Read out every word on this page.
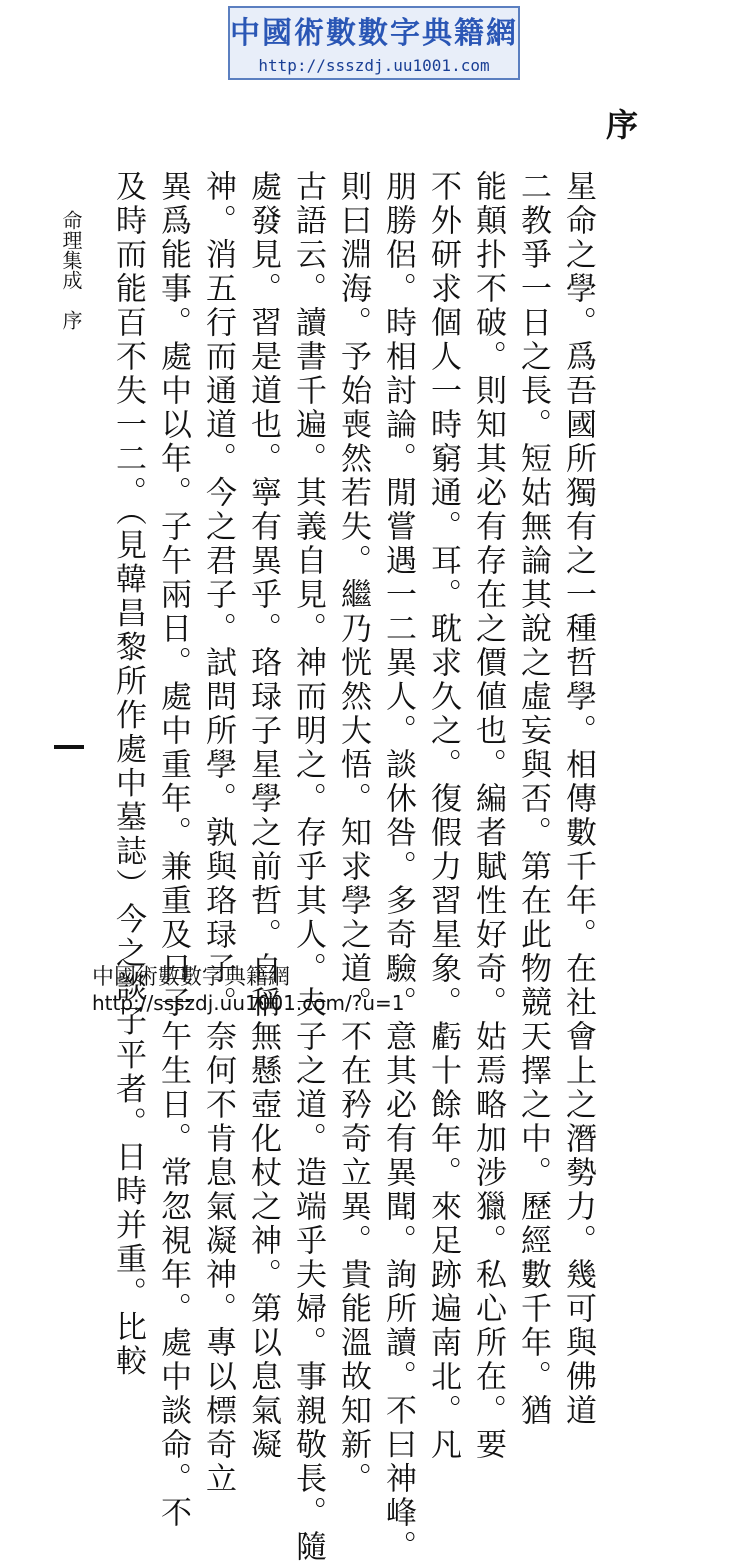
中國術數數字典籍網
http://ssszdj.uu1001.com
序
星命之學。爲吾國所獨有之一種哲學。相傳數千年。在社會上之潛勢力。幾可與佛道
二教爭一日之長。短姑無論其說之虛妄與否。第在此物競天擇之中。歷經數千年。猶
能顛扑不破。則知其必有存在之價値也。編者賦性好奇。姑焉略加涉獵。私心所在。要
不外研求個人一時窮通。耳。耽求久之。復假力習星象。虧十餘年。來足跡遍南北。凡
朋勝侶。時相討論。閒嘗遇一二異人。談休咎。多奇驗。意其必有異聞。詢所讀。不曰神峰。
則曰淵海。予始喪然若失。繼乃恍然大悟。知求學之道。不在矜奇立異。貴能溫故知新。
古語云。讀書千遍。其義自見。神而明之。存乎其人。夫子之道。造端乎夫婦。事親敬長。隨
處發見。習是道也。寧有異乎。珞琭子星學之前哲。自稱無懸壺化杖之神。第以息氣凝
神。消五行而通道。今之君子。試問所學。孰與珞琭子。奈何不肯息氣凝神。專以標奇立
異爲能事。處中以年。子午兩日。處中重年。兼重及日子午生日。常忽視年。處中談命。不
及時而能百不失一二。（見韓昌黎所作處中墓誌）今之談子平者。日時并重。比較
命理集成　序
中國術數數字典籍網
http://ssszdj.uu1001.com/?u=1
